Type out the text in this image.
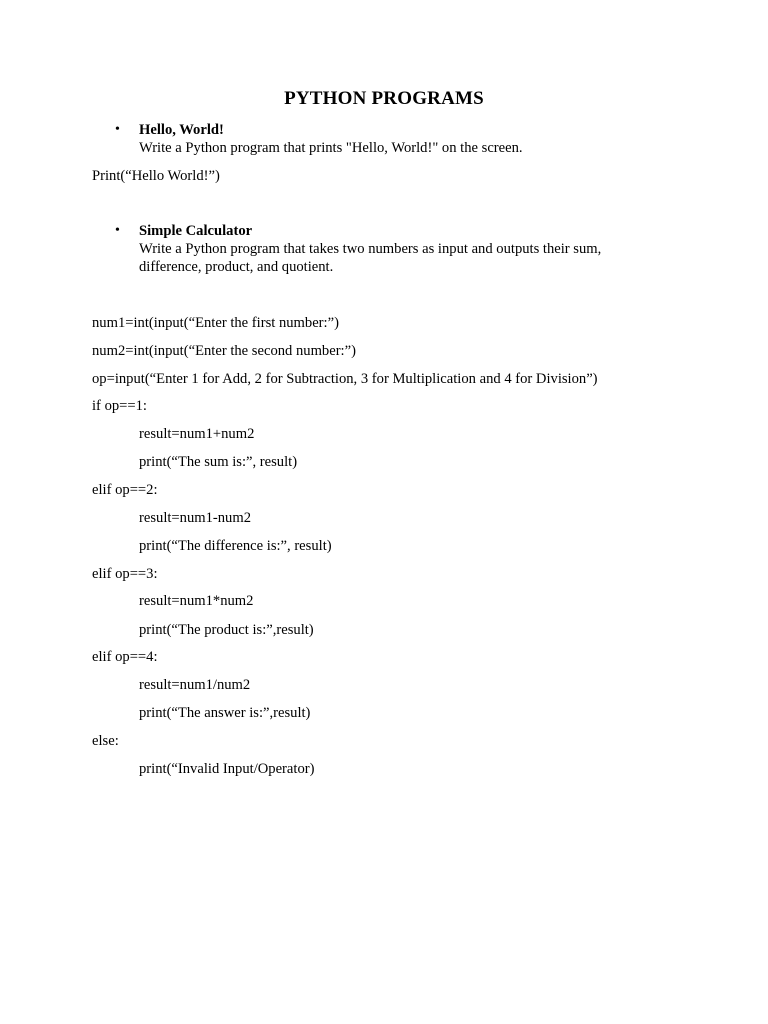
PYTHON PROGRAMS
• Hello, World!
Write a Python program that prints "Hello, World!" on the screen.
Print(“Hello World!”)
• Simple Calculator
Write a Python program that takes two numbers as input and outputs their sum,
difference, product, and quotient.
num1=int(input(“Enter the first number:”)
num2=int(input(“Enter the second number:”)
op=input(“Enter 1 for Add, 2 for Subtraction, 3 for Multiplication and 4 for Division”)
if op==1:
result=num1+num2
print(“The sum is:”, result)
elif op==2:
result=num1-num2
print(“The difference is:”, result)
elif op==3:
result=num1*num2
print(“The product is:”,result)
elif op==4:
result=num1/num2
print(“The answer is:”,result)
else:
print(“Invalid Input/Operator)
